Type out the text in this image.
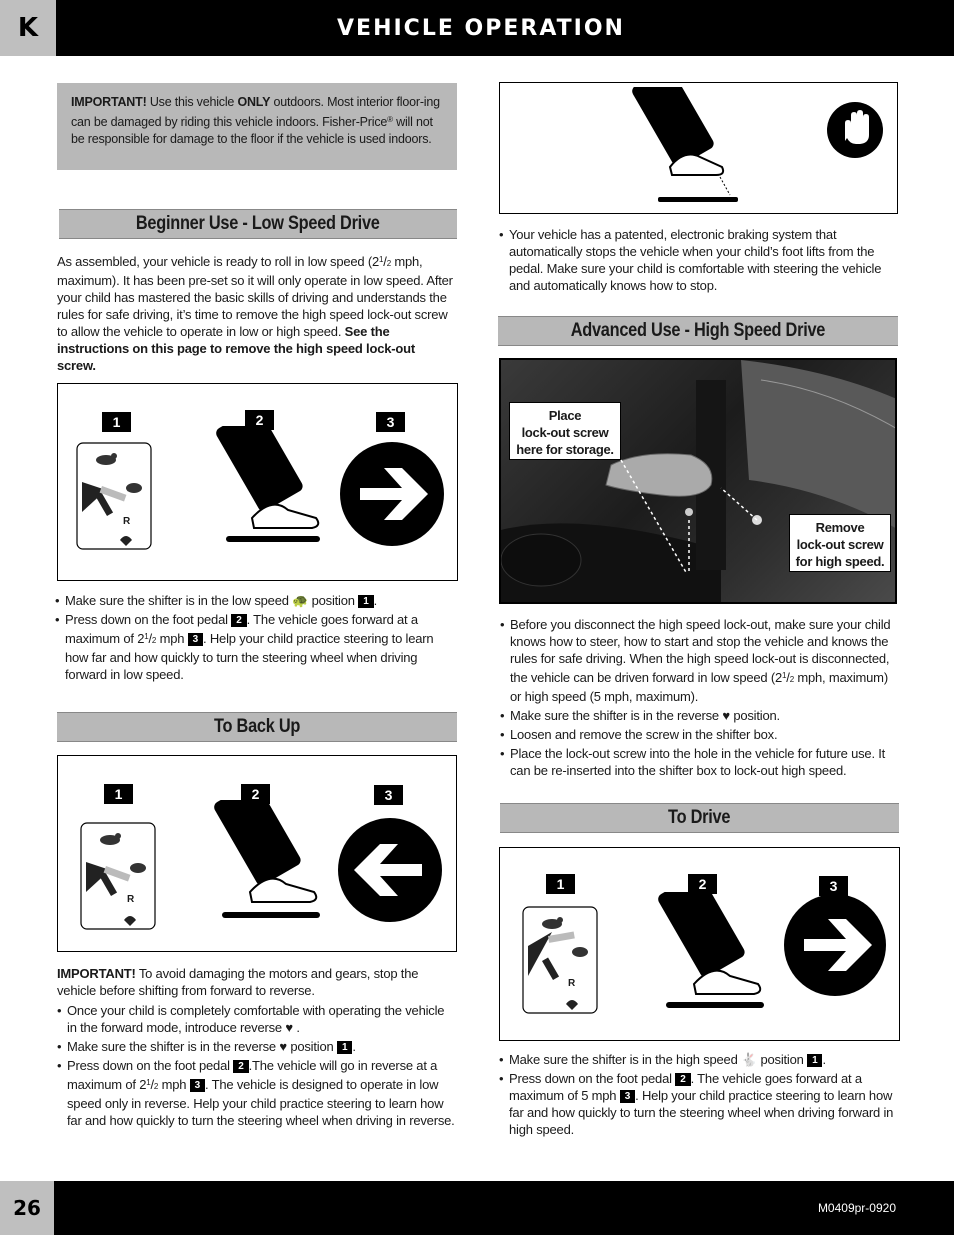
K	VEHICLE OPERATION
IMPORTANT! Use this vehicle ONLY outdoors. Most interior floor-ing can be damaged by riding this vehicle indoors. Fisher-Price® will not be responsible for damage to the floor if the vehicle is used indoors.
Beginner Use - Low Speed Drive
As assembled, your vehicle is ready to roll in low speed ($2^1/2$ mph, maximum). It has been pre-set so it will only operate in low speed. After your child has mastered the basic skills of driving and understands the rules for safe driving, it’s time to remove the high speed lock-out screw to allow the vehicle to operate in low or high speed. See the instructions on this page to remove the high speed lock-out screw.
1	2	3
R
• Make sure the shifter is in the low speed 🐢 position 1 .
• Press down on the foot pedal 2 . The vehicle goes forward at a maximum of $2^1/2$ mph 3 . Help your child practice steering to learn how far and how quickly to turn the steering wheel when driving forward in low speed.
To Back Up
1	2	3
R
IMPORTANT! To avoid damaging the motors and gears, stop the vehicle before shifting from forward to reverse.
• Once your child is completely comfortable with operating the vehicle in the forward mode, introduce reverse ♥ .
• Make sure the shifter is in the reverse ♥ position 1 .
• Press down on the foot pedal 2 .The vehicle will go in reverse at a maximum of $2^1/2$ mph 3 . The vehicle is designed to operate in low speed only in reverse. Help your child practice steering to learn how far and how quickly to turn the steering wheel when driving in reverse.
• Your vehicle has a patented, electronic braking system that automatically stops the vehicle when your child’s foot lifts from the pedal. Make sure your child is comfortable with steering the vehicle and automatically knows how to stop.
Advanced Use - High Speed Drive
Place
lock-out screw
here for storage.
Remove
lock-out screw
for high speed.
• Before you disconnect the high speed lock-out, make sure your child knows how to steer, how to start and stop the vehicle and knows the rules for safe driving. When the high speed lock-out is disconnected, the vehicle can be driven forward in low speed ($2^1/2$ mph, maximum) or high speed (5 mph, maximum).
• Make sure the shifter is in the reverse ♥ position.
• Loosen and remove the screw in the shifter box.
• Place the lock-out screw into the hole in the vehicle for future use. It can be re-inserted into the shifter box to lock-out high speed.
To Drive
1	2	3
R
• Make sure the shifter is in the high speed 🐇 position 1 .
• Press down on the foot pedal 2 . The vehicle goes forward at a maximum of 5 mph 3 . Help your child practice steering to learn how far and how quickly to turn the steering wheel when driving forward in high speed.
26	M0409pr-0920
